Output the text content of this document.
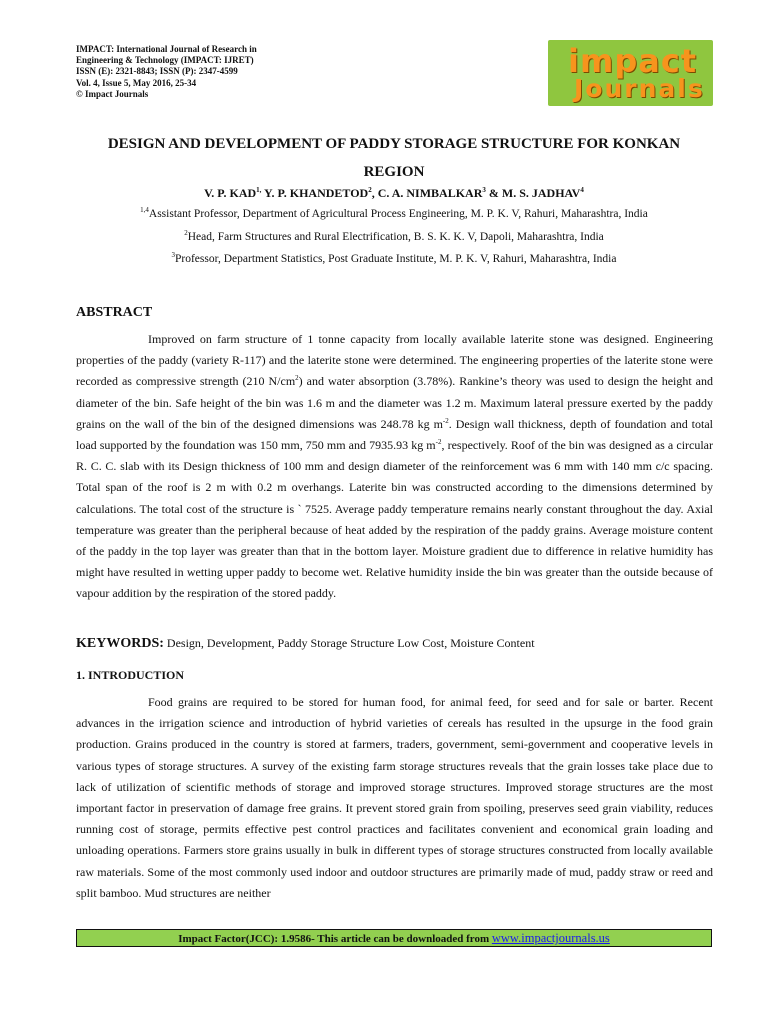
IMPACT: International Journal of Research in
Engineering & Technology (IMPACT: IJRET)
ISSN (E): 2321-8843; ISSN (P): 2347-4599
Vol. 4, Issue 5, May 2016, 25-34
© Impact Journals
impact
Journals
DESIGN AND DEVELOPMENT OF PADDY STORAGE STRUCTURE FOR KONKAN
REGION
V. P. $KAD^{1,}$ Y. P. KHANDETOD$^2$, C. A. NIMBALKAR$^3$ & M. S. JADHAV$^4$
$^{1,4}$Assistant Professor, Department of Agricultural Process Engineering, M. P. K. V, Rahuri, Maharashtra, India
$^2$Head, Farm Structures and Rural Electrification, B. S. K. K. V, Dapoli, Maharashtra, India
$^3$Professor, Department Statistics, Post Graduate Institute, M. P. K. V, Rahuri, Maharashtra, India
ABSTRACT

Improved on farm structure of 1 tonne capacity from locally available laterite stone was designed. Engineering properties of the paddy (variety R-117) and the laterite stone were determined. The engineering properties of the laterite stone were recorded as compressive strength (210 $N/cm^2$) and water absorption (3.78%). Rankine’s theory was used to design the height and diameter of the bin. Safe height of the bin was 1.6 m and the diameter was 1.2 m. Maximum lateral pressure exerted by the paddy grains on the wall of the bin of the designed dimensions was 248.78 kg $m^{-2}$. Design wall thickness, depth of foundation and total load supported by the foundation was 150 mm, 750 mm and 7935.93 kg $m^{-2}$, respectively. Roof of the bin was designed as a circular R. C. C. slab with its Design thickness of 100 mm and design diameter of the reinforcement was 6 mm with 140 mm c/c spacing. Total span of the roof is 2 m with 0.2 m overhangs. Laterite bin was constructed according to the dimensions determined by calculations. The total cost of the structure is ` 7525. Average paddy temperature remains nearly constant throughout the day. Axial temperature was greater than the peripheral because of heat added by the respiration of the paddy grains. Average moisture content of the paddy in the top layer was greater than that in the bottom layer. Moisture gradient due to difference in relative humidity has might have resulted in wetting upper paddy to become wet. Relative humidity inside the bin was greater than the outside because of vapour addition by the respiration of the stored paddy.

KEYWORDS: Design, Development, Paddy Storage Structure Low Cost, Moisture Content
1. INTRODUCTION

Food grains are required to be stored for human food, for animal feed, for seed and for sale or barter. Recent advances in the irrigation science and introduction of hybrid varieties of cereals has resulted in the upsurge in the food grain production. Grains produced in the country is stored at farmers, traders, government, semi-government and cooperative levels in various types of storage structures. A survey of the existing farm storage structures reveals that the grain losses take place due to lack of utilization of scientific methods of storage and improved storage structures. Improved storage structures are the most important factor in preservation of damage free grains. It prevent stored grain from spoiling, preserves seed grain viability, reduces running cost of storage, permits effective pest control practices and facilitates convenient and economical grain loading and unloading operations. Farmers store grains usually in bulk in different types of storage structures constructed from locally available raw materials. Some of the most commonly used indoor and outdoor structures are primarily made of mud, paddy straw or reed and split bamboo. Mud structures are neither

Impact Factor(JCC): 1.9586- This article can be downloaded from www.impactjournals.us
